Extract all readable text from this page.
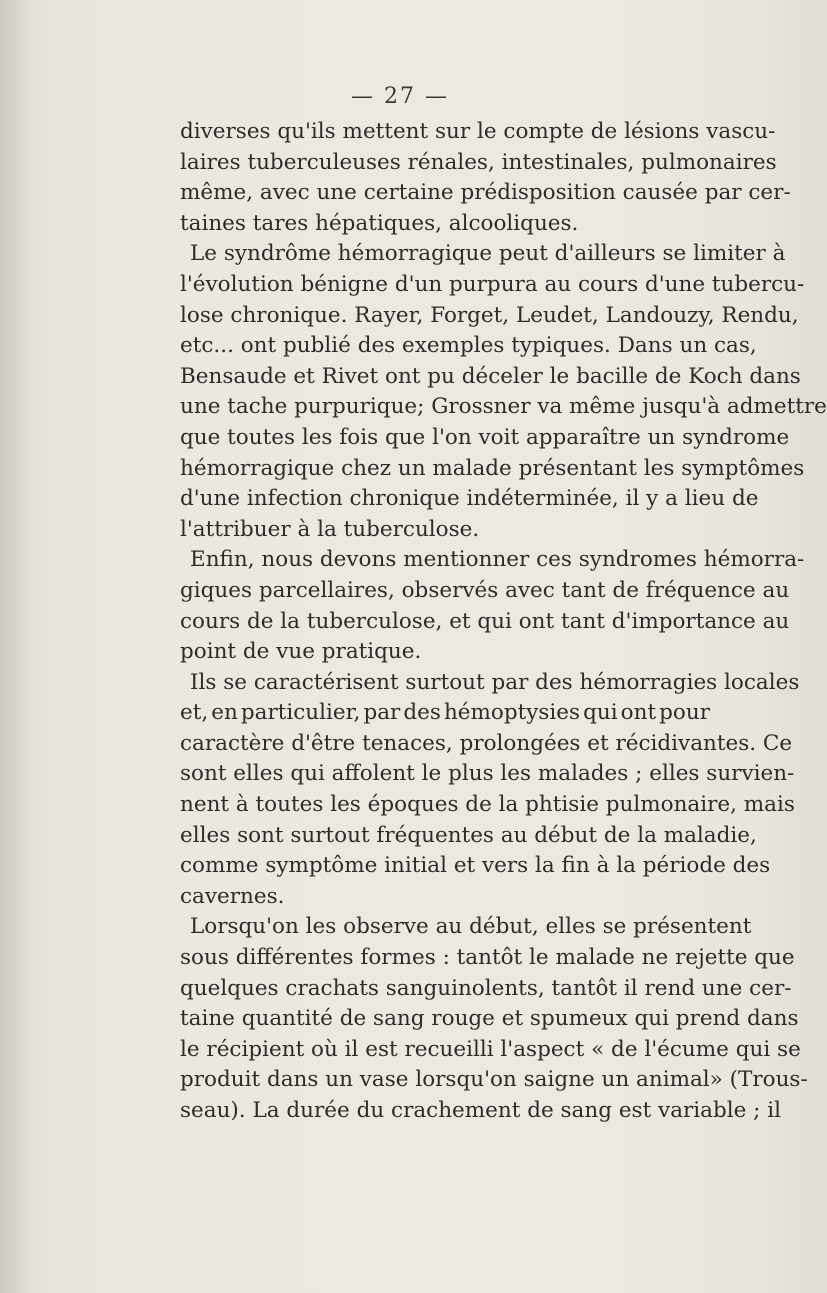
— 27 —
diverses qu'ils mettent sur le compte de lésions vascu-
laires tuberculeuses rénales, intestinales, pulmonaires
même, avec une certaine prédisposition causée par cer-
taines tares hépatiques, alcooliques.
Le syndrôme hémorragique peut d'ailleurs se limiter à
l'évolution bénigne d'un purpura au cours d'une tubercu-
lose chronique. Rayer, Forget, Leudet, Landouzy, Rendu,
etc... ont publié des exemples typiques. Dans un cas,
Bensaude et Rivet ont pu déceler le bacille de Koch dans
une tache purpurique; Grossner va même jusqu'à admettre
que toutes les fois que l'on voit apparaître un syndrome
hémorragique chez un malade présentant les symptômes
d'une infection chronique indéterminée, il y a lieu de
l'attribuer à la tuberculose.
Enfin, nous devons mentionner ces syndromes hémorra-
giques parcellaires, observés avec tant de fréquence au
cours de la tuberculose, et qui ont tant d'importance au
point de vue pratique.
Ils se caractérisent surtout par des hémorragies locales
et, en particulier, par des hémoptysies qui ont pour
caractère d'être tenaces, prolongées et récidivantes. Ce
sont elles qui affolent le plus les malades ; elles survien-
nent à toutes les époques de la phtisie pulmonaire, mais
elles sont surtout fréquentes au début de la maladie,
comme symptôme initial et vers la fin à la période des
cavernes.
Lorsqu'on les observe au début, elles se présentent
sous différentes formes : tantôt le malade ne rejette que
quelques crachats sanguinolents, tantôt il rend une cer-
taine quantité de sang rouge et spumeux qui prend dans
le récipient où il est recueilli l'aspect « de l'écume qui se
produit dans un vase lorsqu'on saigne un animal» (Trous-
seau). La durée du crachement de sang est variable ; il
